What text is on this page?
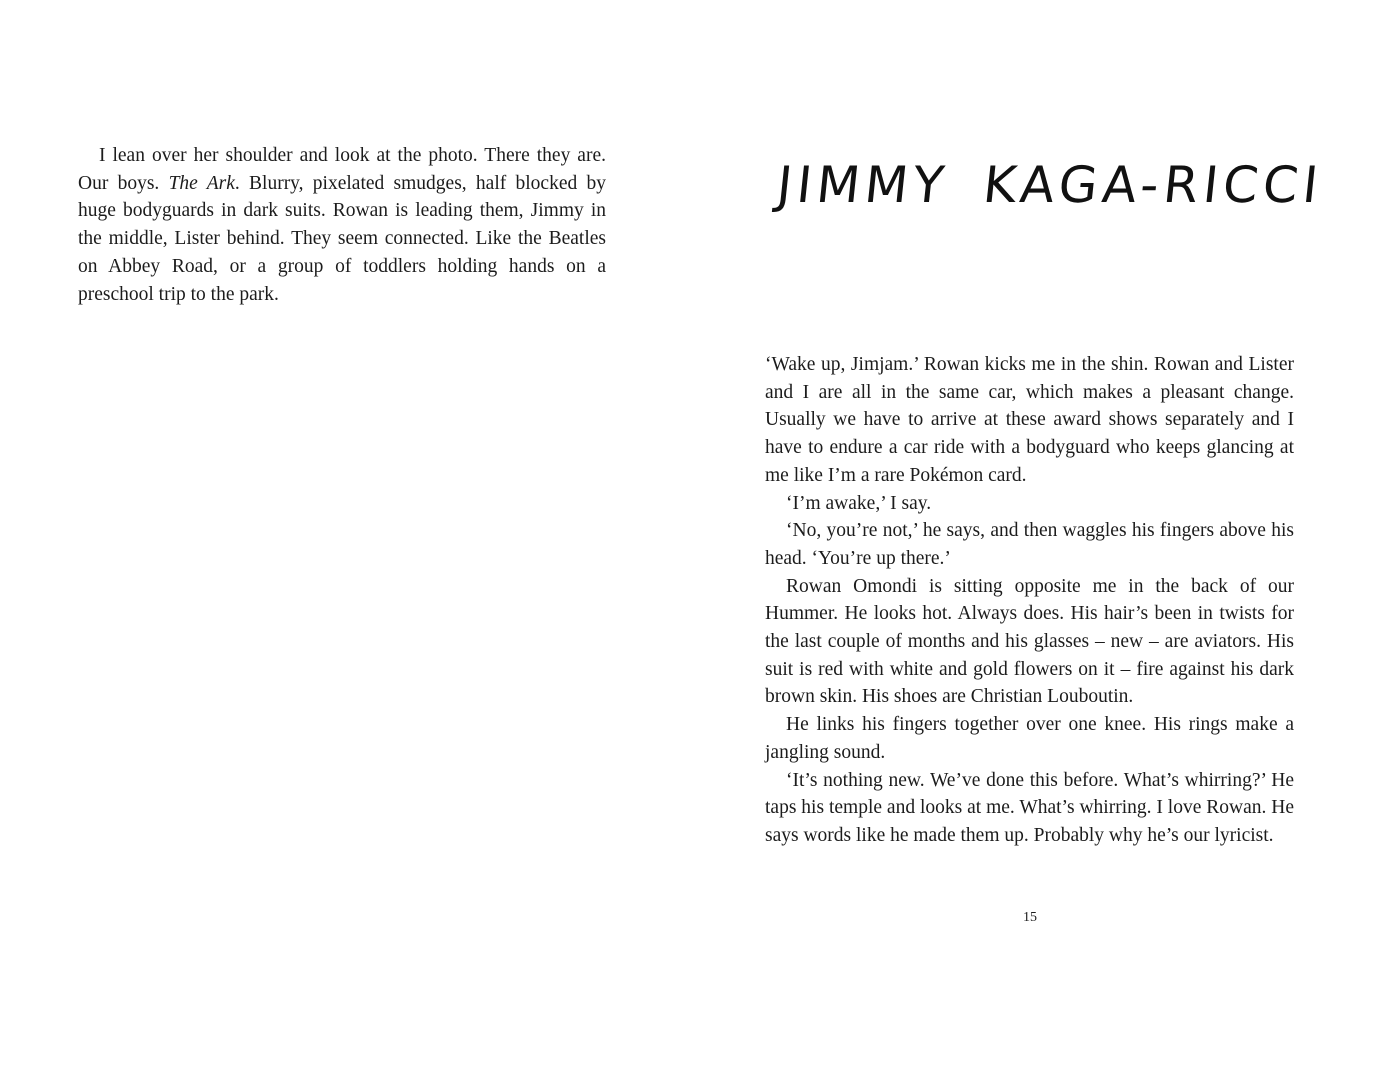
I lean over her shoulder and look at the photo. There they are. Our boys. The Ark. Blurry, pixelated smudges, half blocked by huge bodyguards in dark suits. Rowan is leading them, Jimmy in the middle, Lister behind. They seem connected. Like the Beatles on Abbey Road, or a group of toddlers holding hands on a preschool trip to the park.

JIMMY KAGA-RICCI

‘Wake up, Jimjam.’ Rowan kicks me in the shin. Rowan and Lister and I are all in the same car, which makes a pleasant change. Usually we have to arrive at these award shows separately and I have to endure a car ride with a bodyguard who keeps glancing at me like I’m a rare Pokémon card.

‘I’m awake,’ I say.

‘No, you’re not,’ he says, and then waggles his fingers above his head. ‘You’re up there.’

Rowan Omondi is sitting opposite me in the back of our Hummer. He looks hot. Always does. His hair’s been in twists for the last couple of months and his glasses – new – are aviators. His suit is red with white and gold flowers on it – fire against his dark brown skin. His shoes are Christian Louboutin.

He links his fingers together over one knee. His rings make a jangling sound.

‘It’s nothing new. We’ve done this before. What’s whirring?’ He taps his temple and looks at me. What’s whirring. I love Rowan. He says words like he made them up. Probably why he’s our lyricist.

15
